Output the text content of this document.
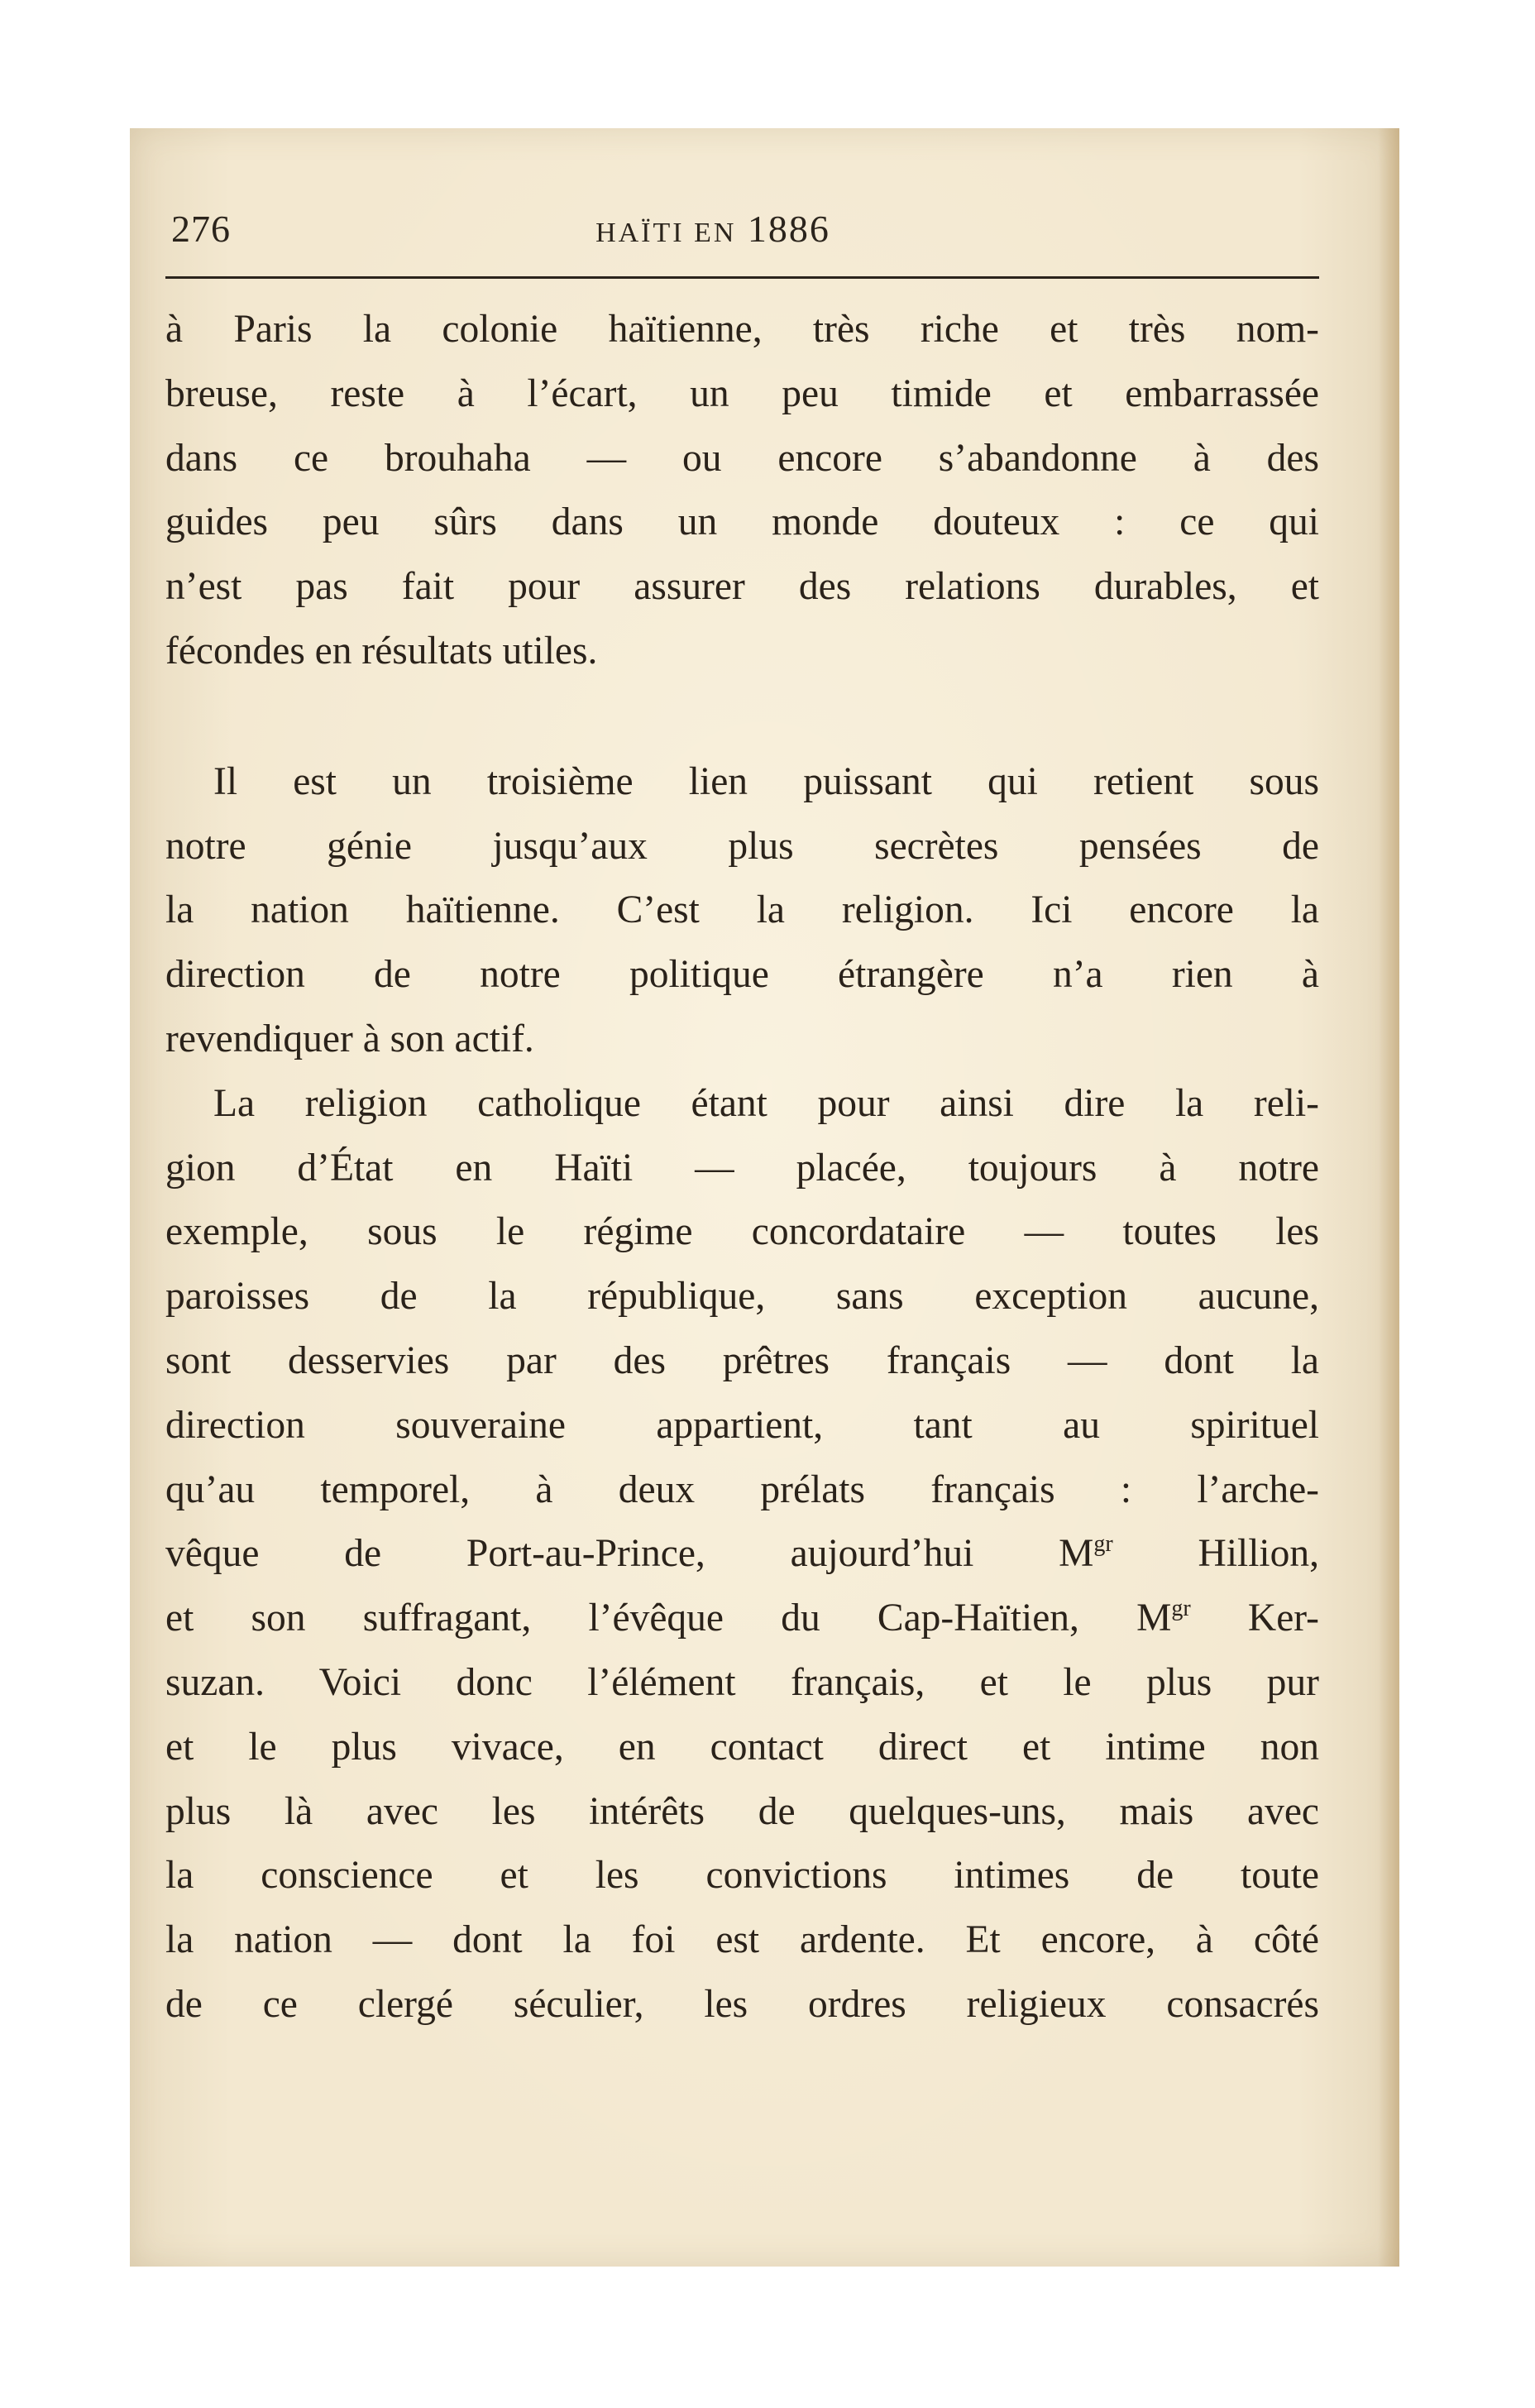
276	HAÏTI EN 1886
à Paris la colonie haïtienne, très riche et très nom-
breuse, reste à l’écart, un peu timide et embarrassée
dans ce brouhaha — ou encore s’abandonne à des
guides peu sûrs dans un monde douteux : ce qui
n’est pas fait pour assurer des relations durables, et
fécondes en résultats utiles.
Il est un troisième lien puissant qui retient sous
notre génie jusqu’aux plus secrètes pensées de
la nation haïtienne. C’est la religion. Ici encore la
direction de notre politique étrangère n’a rien à
revendiquer à son actif.
La religion catholique étant pour ainsi dire la reli-
gion d’État en Haïti — placée, toujours à notre
exemple, sous le régime concordataire — toutes les
paroisses de la république, sans exception aucune,
sont desservies par des prêtres français — dont la
direction souveraine appartient, tant au spirituel
qu’au temporel, à deux prélats français : l’arche-
vêque de Port-au-Prince, aujourd’hui $M^{gr}$ Hillion,
et son suffragant, l’évêque du Cap-Haïtien, $M^{gr}$ Ker-
suzan. Voici donc l’élément français, et le plus pur
et le plus vivace, en contact direct et intime non
plus là avec les intérêts de quelques-uns, mais avec
la conscience et les convictions intimes de toute
la nation — dont la foi est ardente. Et encore, à côté
de ce clergé séculier, les ordres religieux consacrés
